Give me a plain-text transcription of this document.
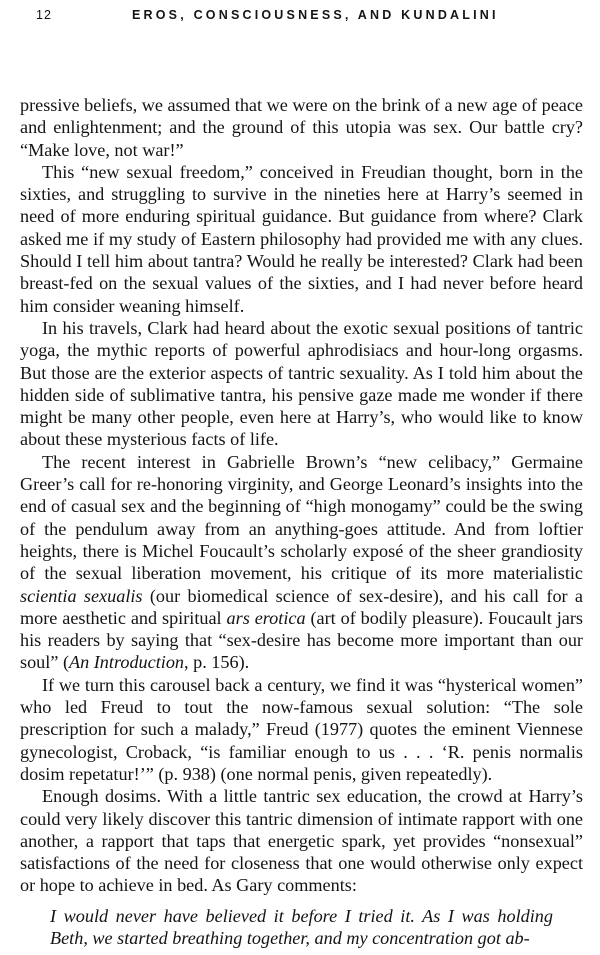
12	EROS, CONSCIOUSNESS, AND KUNDALINI

pressive beliefs, we assumed that we were on the brink of a new age of peace and enlightenment; and the ground of this utopia was sex. Our battle cry? “Make love, not war!”

This “new sexual freedom,” conceived in Freudian thought, born in the sixties, and struggling to survive in the nineties here at Harry’s seemed in need of more enduring spiritual guidance. But guidance from where? Clark asked me if my study of Eastern philosophy had provided me with any clues. Should I tell him about tantra? Would he really be interested? Clark had been breast-fed on the sexual values of the sixties, and I had never before heard him consider weaning himself.

In his travels, Clark had heard about the exotic sexual positions of tantric yoga, the mythic reports of powerful aphrodisiacs and hour-long orgasms. But those are the exterior aspects of tantric sexuality. As I told him about the hidden side of sublimative tantra, his pensive gaze made me wonder if there might be many other people, even here at Harry’s, who would like to know about these mysterious facts of life.

The recent interest in Gabrielle Brown’s “new celibacy,” Germaine Greer’s call for re-honoring virginity, and George Leonard’s insights into the end of casual sex and the beginning of “high monogamy” could be the swing of the pendulum away from an anything-goes attitude. And from loftier heights, there is Michel Foucault’s scholarly exposé of the sheer grandiosity of the sexual liberation movement, his critique of its more materialistic scientia sexualis (our biomedical science of sex-desire), and his call for a more aesthetic and spiritual ars erotica (art of bodily pleasure). Foucault jars his readers by saying that “sex-desire has become more important than our soul” (An Introduction, p. 156).

If we turn this carousel back a century, we find it was “hysterical women” who led Freud to tout the now-famous sexual solution: “The sole prescription for such a malady,” Freud (1977) quotes the eminent Viennese gynecologist, Croback, “is familiar enough to us . . . ‘R. penis normalis dosim repetatur!’” (p. 938) (one normal penis, given repeatedly).

Enough dosims. With a little tantric sex education, the crowd at Harry’s could very likely discover this tantric dimension of intimate rapport with one another, a rapport that taps that energetic spark, yet provides “nonsexual” satisfactions of the need for closeness that one would otherwise only expect or hope to achieve in bed. As Gary comments:

I would never have believed it before I tried it. As I was holding Beth, we started breathing together, and my concentration got ab-
